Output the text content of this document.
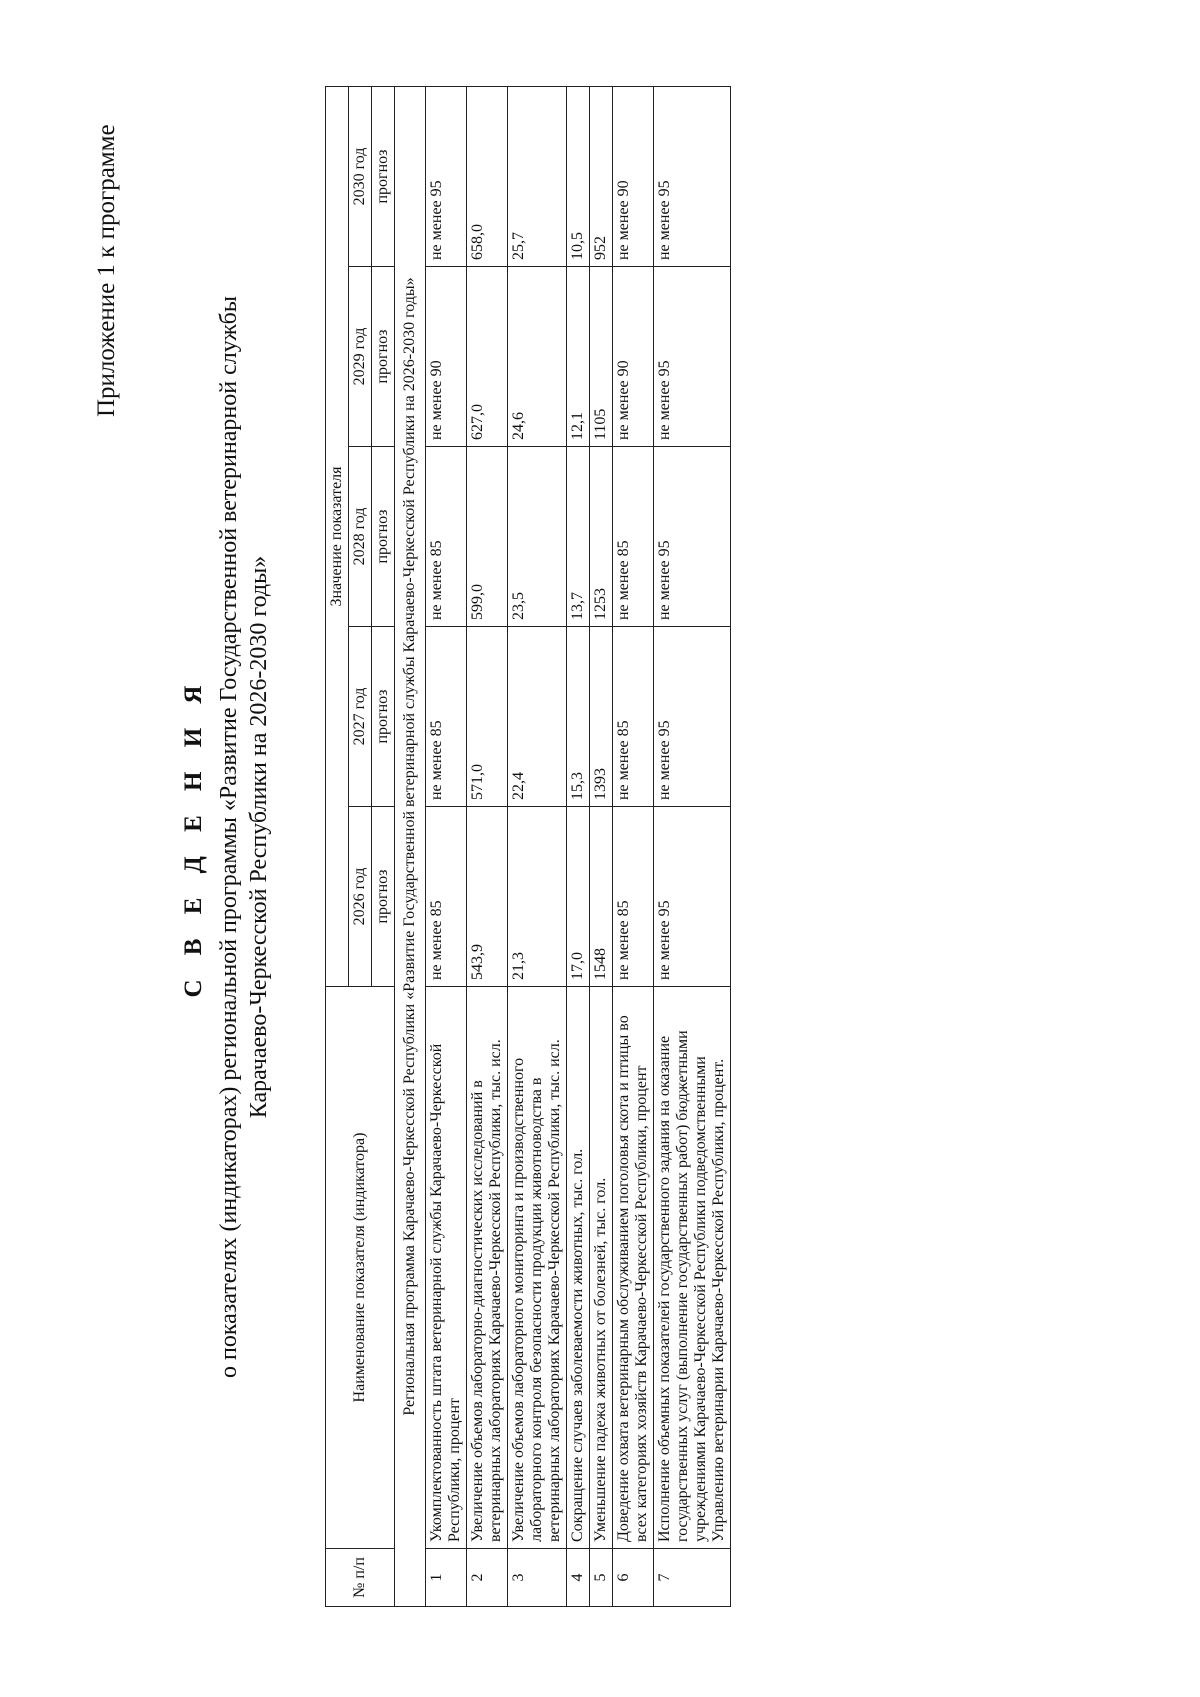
Приложение 1 к программе
С В Е Д Е Н И Я о показателях (индикаторах) региональной программы «Развитие Государственной ветеринарной службы Карачаево-Черкесской Республики на 2026-2030 годы»
№ п/п	Наименование показателя (индикатора)	Значение показателя				
		2026 год	2027 год	2028 год	2029 год	2030 год
		прогноз	прогноз	прогноз	прогноз	прогноз
Региональная программа Карачаево-Черкесской Республики «Развитие Государственной ветеринарной службы Карачаево-Черкесской Республики на 2026-2030 годы»						
1	Укомплектованность штата ветеринарной службы Карачаево-Черкесской Республики, процент	не менее 85	не менее 85	не менее 85	не менее 90	не менее 95
2	Увеличение объемов лабораторно-диагностических исследований в ветеринарных лабораториях Карачаево-Черкесской Республики, тыс. исл.	543,9	571,0	599,0	627,0	658,0
3	Увеличение объемов лабораторного мониторинга и производственного лабораторного контроля безопасности продукции животноводства в ветеринарных лабораториях Карачаево-Черкесской Республики, тыс. исл.	21,3	22,4	23,5	24,6	25,7
4	Сокращение случаев заболеваемости животных, тыс. гол.	17,0	15,3	13,7	12,1	10,5
5	Уменьшение падежа животных от болезней, тыс. гол.	1548	1393	1253	1105	952
6	Доведение охвата ветеринарным обслуживанием поголовья скота и птицы во всех категориях хозяйств Карачаево-Черкесской Республики, процент	не менее 85	не менее 85	не менее 85	не менее 90	не менее 90
7	Исполнение объемных показателей государственного задания на оказание государственных услуг (выполнение государственных работ) бюджетными учреждениями Карачаево-Черкесской Республики подведомственными Управлению ветеринарии Карачаево-Черкесской Республики, процент.	не менее 95	не менее 95	не менее 95	не менее 95	не менее 95
